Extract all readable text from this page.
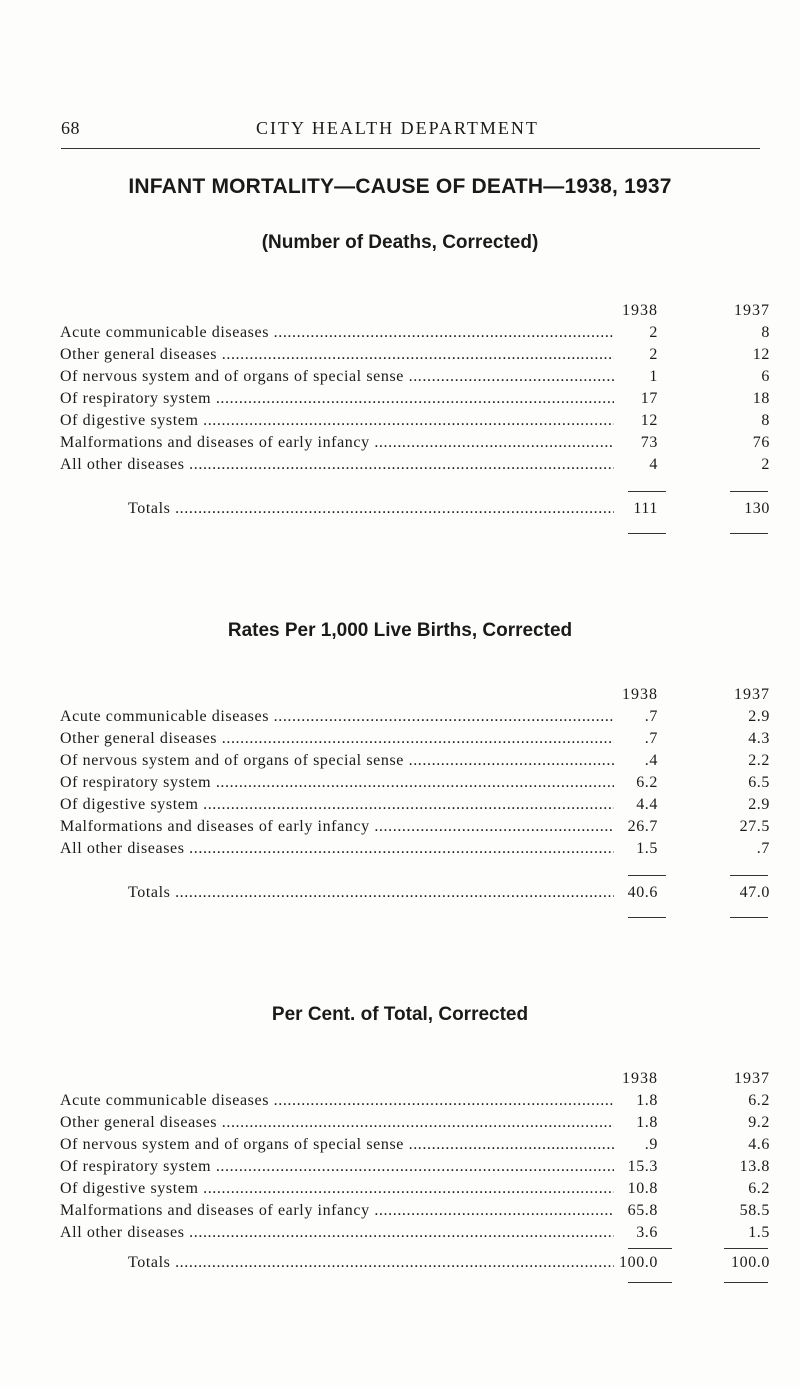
68	CITY HEALTH DEPARTMENT
INFANT MORTALITY—CAUSE OF DEATH—1938, 1937
(Number of Deaths, Corrected)
1938	1937
Acute communicable diseases .....	2	8
Other general diseases .....	2	12
Of nervous system and of organs of special sense .....	1	6
Of respiratory system .....	17	18
Of digestive system .....	12	8
Malformations and diseases of early infancy .....	73	76
All other diseases .....	4	2
Totals .....	111	130
Rates Per 1,000 Live Births, Corrected
1938	1937
Acute communicable diseases .....	.7	2.9
Other general diseases .....	.7	4.3
Of nervous system and of organs of special sense .....	.4	2.2
Of respiratory system .....	6.2	6.5
Of digestive system .....	4.4	2.9
Malformations and diseases of early infancy .....	26.7	27.5
All other diseases .....	1.5	.7
Totals .....	40.6	47.0
Per Cent. of Total, Corrected
1938	1937
Acute communicable diseases .....	1.8	6.2
Other general diseases .....	1.8	9.2
Of nervous system and of organs of special sense .....	.9	4.6
Of respiratory system .....	15.3	13.8
Of digestive system .....	10.8	6.2
Malformations and diseases of early infancy .....	65.8	58.5
All other diseases .....	3.6	1.5
Totals .....	100.0	100.0
